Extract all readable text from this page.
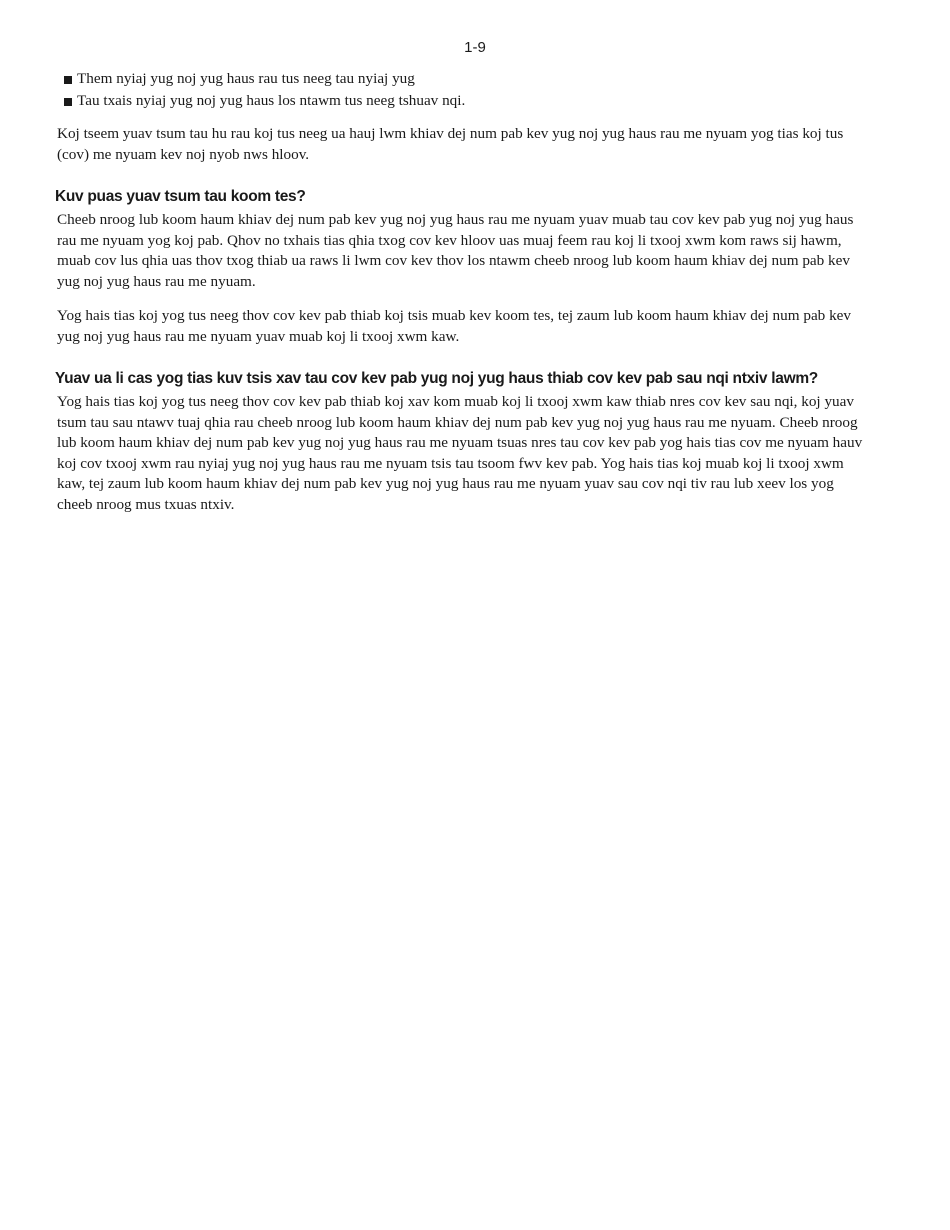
1-9
Them nyiaj yug noj yug haus rau tus neeg tau nyiaj yug
Tau txais nyiaj yug noj yug haus los ntawm tus neeg tshuav nqi.

Koj tseem yuav tsum tau hu rau koj tus neeg ua hauj lwm khiav dej num pab kev yug noj yug haus rau me nyuam yog tias koj tus (cov) me nyuam kev noj nyob nws hloov.

Kuv puas yuav tsum tau koom tes?

Cheeb nroog lub koom haum khiav dej num pab kev yug noj yug haus rau me nyuam yuav muab tau cov kev pab yug noj yug haus rau me nyuam yog koj pab. Qhov no txhais tias qhia txog cov kev hloov uas muaj feem rau koj li txooj xwm kom raws sij hawm, muab cov lus qhia uas thov txog thiab ua raws li lwm cov kev thov los ntawm cheeb nroog lub koom haum khiav dej num pab kev yug noj yug haus rau me nyuam.

Yog hais tias koj yog tus neeg thov cov kev pab thiab koj tsis muab kev koom tes, tej zaum lub koom haum khiav dej num pab kev yug noj yug haus rau me nyuam yuav muab koj li txooj xwm kaw.

Yuav ua li cas yog tias kuv tsis xav tau cov kev pab yug noj yug haus thiab cov kev pab sau nqi ntxiv lawm?

Yog hais tias koj yog tus neeg thov cov kev pab thiab koj xav kom muab koj li txooj xwm kaw thiab nres cov kev sau nqi, koj yuav tsum tau sau ntawv tuaj qhia rau cheeb nroog lub koom haum khiav dej num pab kev yug noj yug haus rau me nyuam. Cheeb nroog lub koom haum khiav dej num pab kev yug noj yug haus rau me nyuam tsuas nres tau cov kev pab yog hais tias cov me nyuam hauv koj cov txooj xwm rau nyiaj yug noj yug haus rau me nyuam tsis tau tsoom fwv kev pab. Yog hais tias koj muab koj li txooj xwm kaw, tej zaum lub koom haum khiav dej num pab kev yug noj yug haus rau me nyuam yuav sau cov nqi tiv rau lub xeev los yog cheeb nroog mus txuas ntxiv.
